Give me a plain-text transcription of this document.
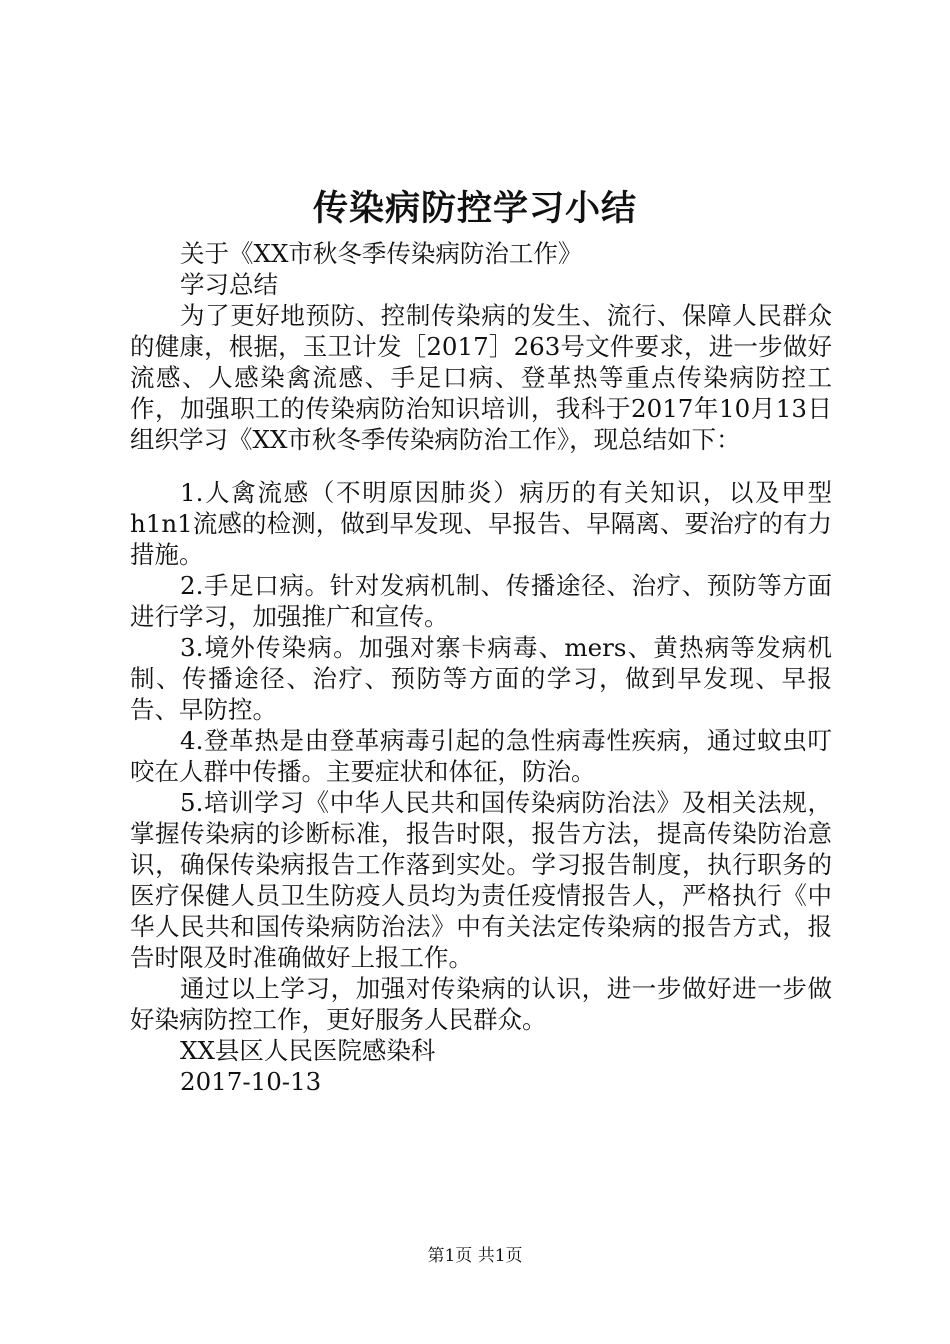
传染病防控学习小结

关于《XX市秋冬季传染病防治工作》

学习总结

为了更好地预防、控制传染病的发生、流行、保障人民群众的健康，根据，玉卫计发［2017］263号文件要求，进一步做好流感、人感染禽流感、手足口病、登革热等重点传染病防控工作，加强职工的传染病防治知识培训，我科于2017年10月13日组织学习《XX市秋冬季传染病防治工作》，现总结如下：

1.人禽流感（不明原因肺炎）病历的有关知识，以及甲型h1n1流感的检测，做到早发现、早报告、早隔离、要治疗的有力措施。

2.手足口病。针对发病机制、传播途径、治疗、预防等方面进行学习，加强推广和宣传。

3.境外传染病。加强对寨卡病毒、mers、黄热病等发病机制、传播途径、治疗、预防等方面的学习，做到早发现、早报告、早防控。

4.登革热是由登革病毒引起的急性病毒性疾病，通过蚊虫叮咬在人群中传播。主要症状和体征，防治。

5.培训学习《中华人民共和国传染病防治法》及相关法规，掌握传染病的诊断标准，报告时限，报告方法，提高传染防治意识，确保传染病报告工作落到实处。学习报告制度，执行职务的医疗保健人员卫生防疫人员均为责任疫情报告人，严格执行《中华人民共和国传染病防治法》中有关法定传染病的报告方式，报告时限及时准确做好上报工作。

通过以上学习，加强对传染病的认识，进一步做好进一步做好染病防控工作，更好服务人民群众。

XX县区人民医院感染科

2017-10-13

第1页 共1页
